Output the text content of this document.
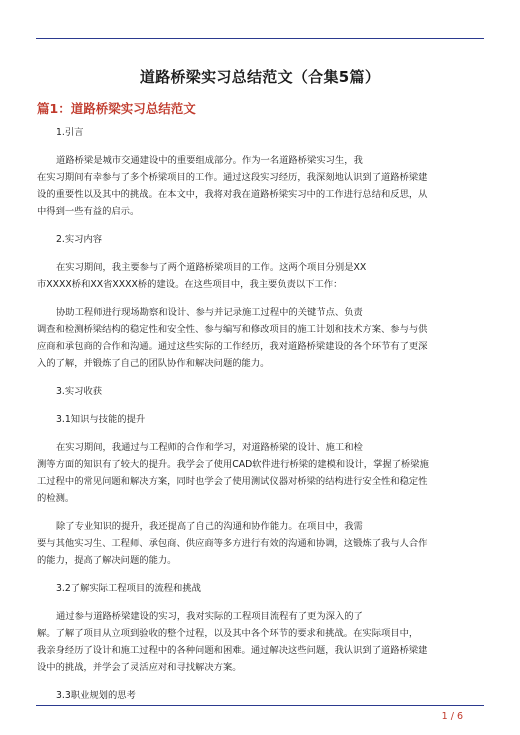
道路桥梁实习总结范文（合集5篇）
篇1：道路桥梁实习总结范文
1.引言
道路桥梁是城市交通建设中的重要组成部分。作为一名道路桥梁实习生，我
在实习期间有幸参与了多个桥梁项目的工作。通过这段实习经历，我深刻地认识到了道路桥梁建
设的重要性以及其中的挑战。在本文中，我将对我在道路桥梁实习中的工作进行总结和反思，从
中得到一些有益的启示。
2.实习内容
在实习期间，我主要参与了两个道路桥梁项目的工作。这两个项目分别是XX
市XXXX桥和XX省XXXX桥的建设。在这些项目中，我主要负责以下工作：
协助工程师进行现场勘察和设计、参与并记录施工过程中的关键节点、负责
调查和检测桥梁结构的稳定性和安全性、参与编写和修改项目的施工计划和技术方案、参与与供
应商和承包商的合作和沟通。通过这些实际的工作经历，我对道路桥梁建设的各个环节有了更深
入的了解，并锻炼了自己的团队协作和解决问题的能力。
3.实习收获
3.1知识与技能的提升
在实习期间，我通过与工程师的合作和学习，对道路桥梁的设计、施工和检
测等方面的知识有了较大的提升。我学会了使用CAD软件进行桥梁的建模和设计，掌握了桥梁施
工过程中的常见问题和解决方案，同时也学会了使用测试仪器对桥梁的结构进行安全性和稳定性
的检测。
除了专业知识的提升，我还提高了自己的沟通和协作能力。在项目中，我需
要与其他实习生、工程师、承包商、供应商等多方进行有效的沟通和协调，这锻炼了我与人合作
的能力，提高了解决问题的能力。
3.2了解实际工程项目的流程和挑战
通过参与道路桥梁建设的实习，我对实际的工程项目流程有了更为深入的了
解。了解了项目从立项到验收的整个过程，以及其中各个环节的要求和挑战。在实际项目中，
我亲身经历了设计和施工过程中的各种问题和困难。通过解决这些问题，我认识到了道路桥梁建
设中的挑战，并学会了灵活应对和寻找解决方案。
3.3职业规划的思考
1 / 6
